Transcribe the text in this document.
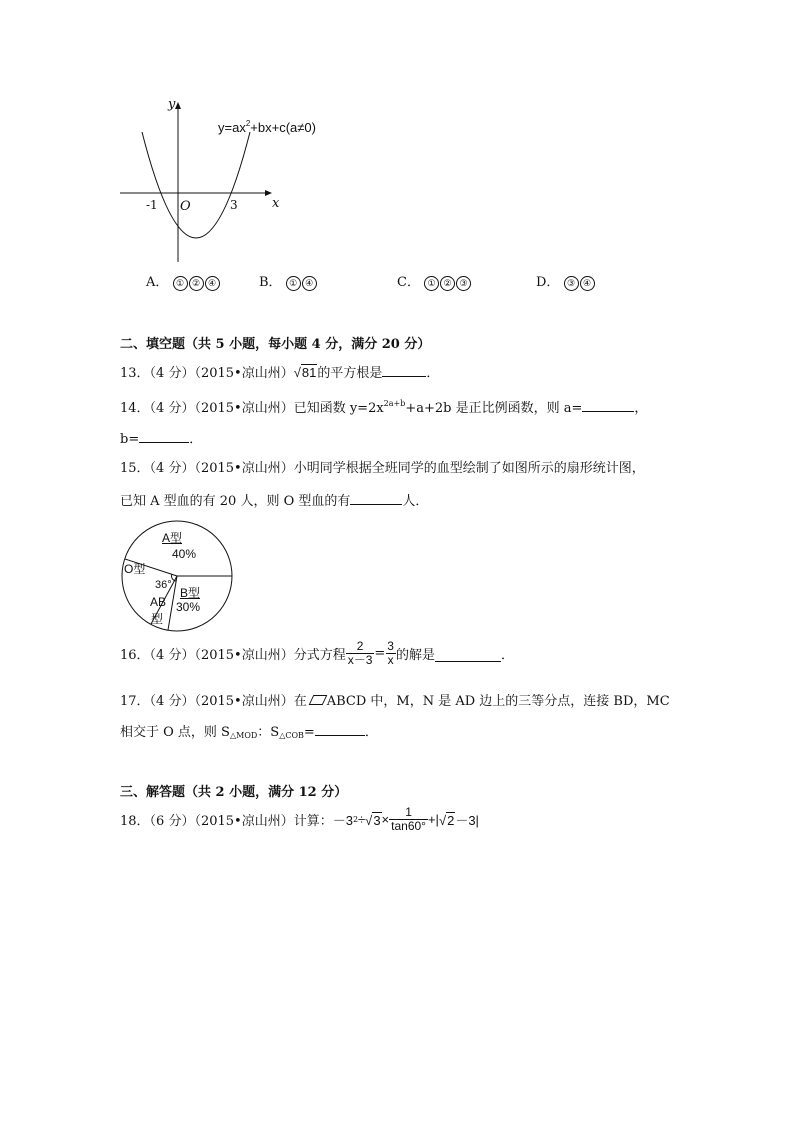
y
x
O
-1	3
$y=ax^2+bx+c(a\ne 0)$
A． ① ② ④	B． ① ④	C． ① ② ③	D． ③ ④
二、填空题（共 5 小题，每小题 4 分，满分 20 分）
13．（4 分）（2015•凉山州） √ 81 的平方根是	．
14．（4 分）（2015•凉山州）已知函数 $y=2x^{2a+b}+a+2b$ 是正比例函数，则 a=	，
b=	．
15．（4 分）（2015•凉山州）小明同学根据全班同学的血型绘制了如图所示的扇形统计图，
已知 A 型血的有 20 人，则 O 型血的有	人．
A型
40%
O型
36°
AB
型
B型
30%
16．（4 分）（2015•凉山州）分式方程 $\frac{2}{x-3} = \frac{3}{x}$ 的解是	．
17．（4 分）（2015•凉山州）在 ABCD 中，M，N 是 AD 边上的三等分点，连接 BD，MC
相交于 O 点，则 $S_{\triangle MOD}$：$S_{\triangle COB}=$	．
三、解答题（共 2 小题，满分 12 分）
18．（6 分）（2015•凉山州）计算： －3 2 ÷ √ $3 \times \frac{1}{\tan 60^\circ}$ +| √ 2 －3|
